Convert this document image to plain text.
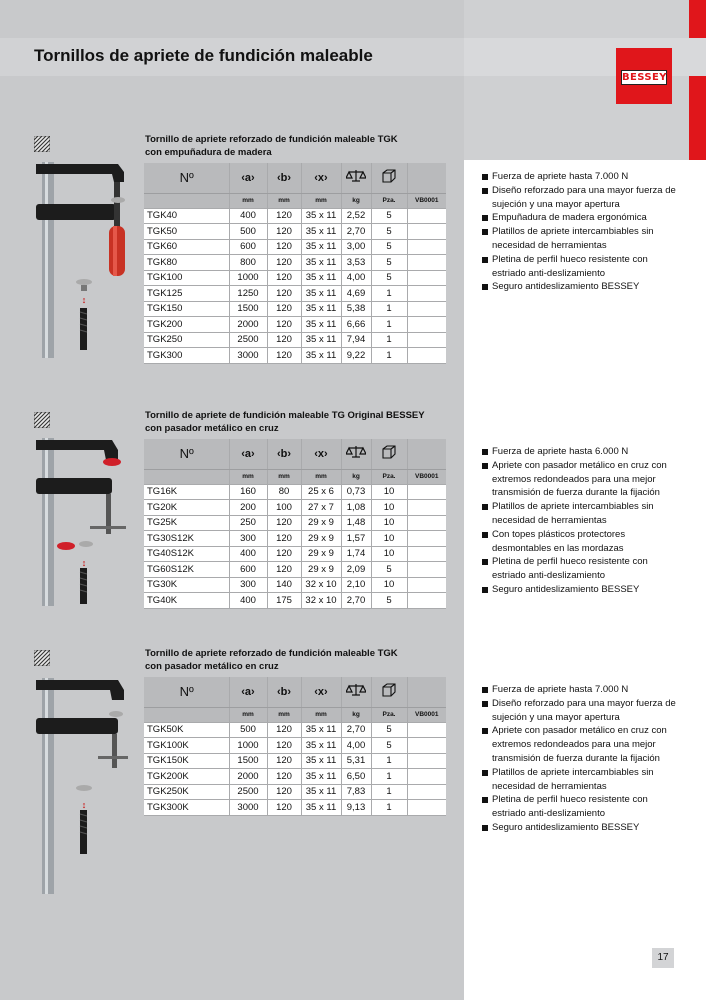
Tornillos de apriete de fundición maleable
BESSEY
Tornillo de apriete reforzado de fundición maleable TGK
con empuñadura de madera
↕
Nº	‹a›	‹b›	‹x›			
	mm	mm	mm	kg	Pza.	VB0001
TGK40	400	120	35 x 11	2,52	5	
TGK50	500	120	35 x 11	2,70	5	
TGK60	600	120	35 x 11	3,00	5	
TGK80	800	120	35 x 11	3,53	5	
TGK100	1000	120	35 x 11	4,00	5	
TGK125	1250	120	35 x 11	4,69	1	
TGK150	1500	120	35 x 11	5,38	1	
TGK200	2000	120	35 x 11	6,66	1	
TGK250	2500	120	35 x 11	7,94	1	
TGK300	3000	120	35 x 11	9,22	1	
Fuerza de apriete hasta 7.000 N
Diseño reforzado para una mayor fuerza de sujeción y una mayor apertura
Empuñadura de madera ergonómica
Platillos de apriete intercambiables sin necesidad de herramientas
Pletina de perfil hueco resistente con estriado anti-deslizamiento
Seguro antideslizamiento BESSEY
Tornillo de apriete de fundición maleable TG Original BESSEY
con pasador metálico en cruz
↕
Nº	‹a›	‹b›	‹x›			
	mm	mm	mm	kg	Pza.	VB0001
TG16K	160	80	25 x 6	0,73	10	
TG20K	200	100	27 x 7	1,08	10	
TG25K	250	120	29 x 9	1,48	10	
TG30S12K	300	120	29 x 9	1,57	10	
TG40S12K	400	120	29 x 9	1,74	10	
TG60S12K	600	120	29 x 9	2,09	5	
TG30K	300	140	32 x 10	2,10	10	
TG40K	400	175	32 x 10	2,70	5	
Fuerza de apriete hasta 6.000 N
Apriete con pasador metálico en cruz con extremos redondeados para una mejor transmisión de fuerza durante la fijación
Platillos de apriete intercambiables sin necesidad de herramientas
Con topes plásticos protectores desmontables en las mordazas
Pletina de perfil hueco resistente con estriado anti-deslizamiento
Seguro antideslizamiento BESSEY
Tornillo de apriete reforzado de fundición maleable TGK
con pasador metálico en cruz
↕
Nº	‹a›	‹b›	‹x›			
	mm	mm	mm	kg	Pza.	VB0001
TGK50K	500	120	35 x 11	2,70	5	
TGK100K	1000	120	35 x 11	4,00	5	
TGK150K	1500	120	35 x 11	5,31	1	
TGK200K	2000	120	35 x 11	6,50	1	
TGK250K	2500	120	35 x 11	7,83	1	
TGK300K	3000	120	35 x 11	9,13	1	
Fuerza de apriete hasta 7.000 N
Diseño reforzado para una mayor fuerza de sujeción y una mayor apertura
Apriete con pasador metálico en cruz con extremos redondeados para una mejor transmisión de fuerza durante la fijación
Platillos de apriete intercambiables sin necesidad de herramientas
Pletina de perfil hueco resistente con estriado anti-deslizamiento
Seguro antideslizamiento BESSEY
17
